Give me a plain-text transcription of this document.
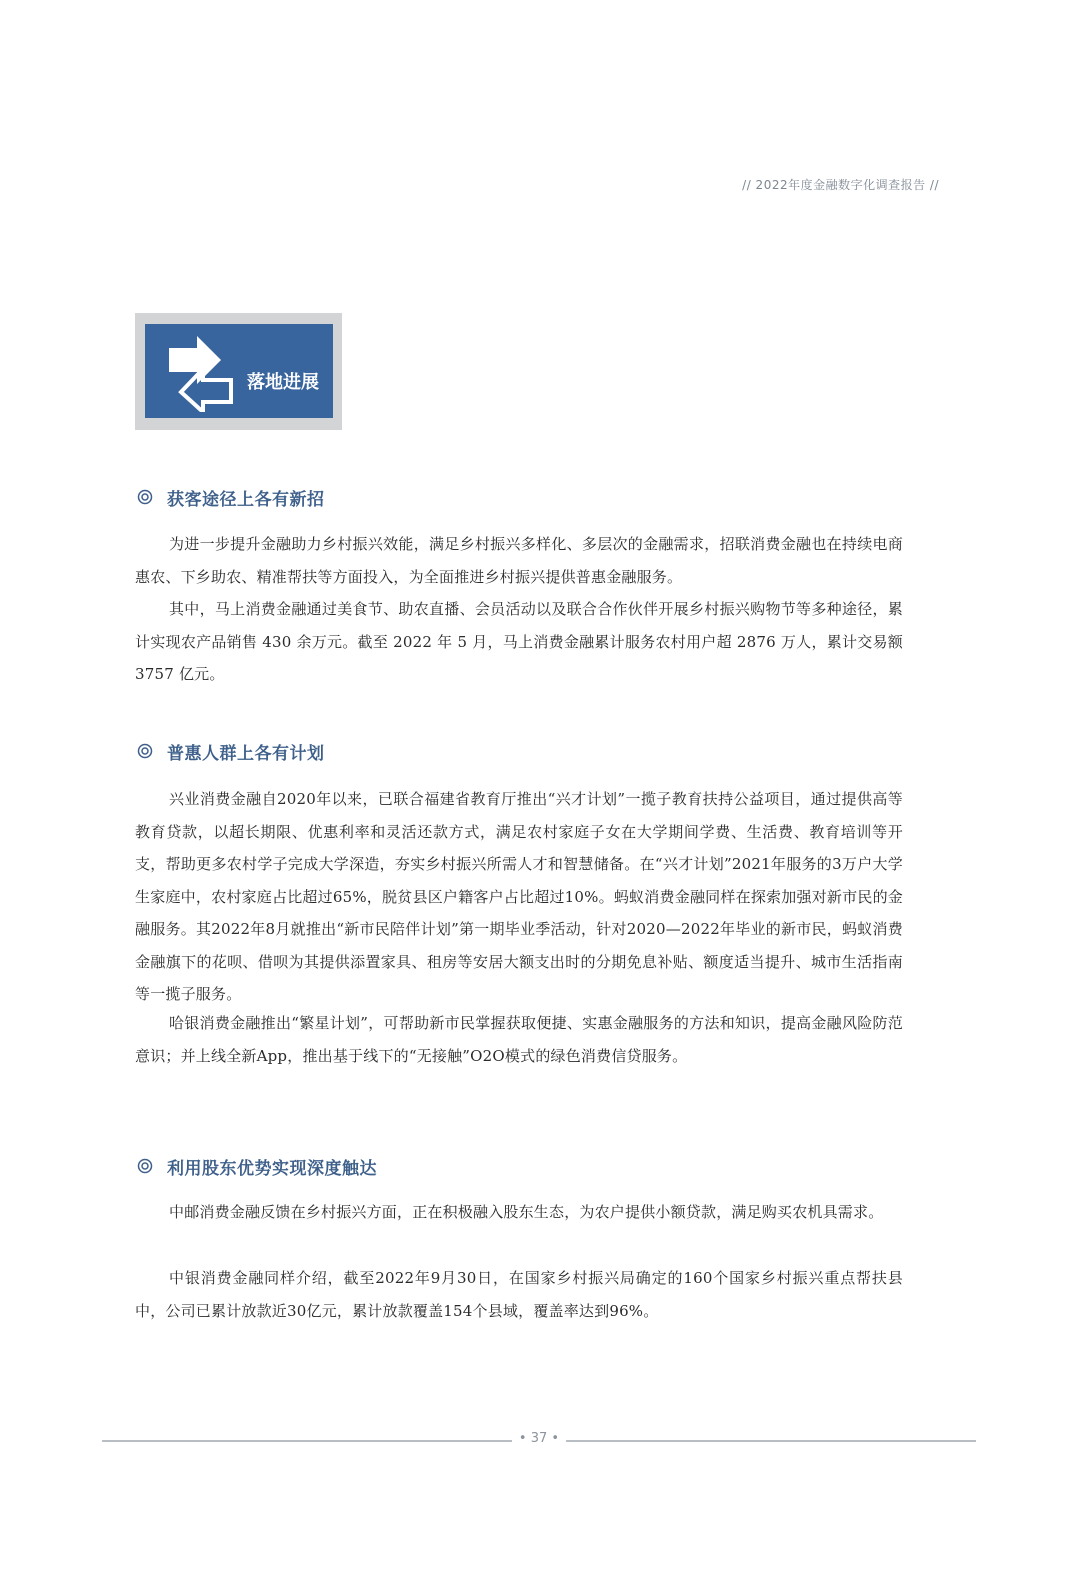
// 2022年度金融数字化调查报告 //
落地进展
获客途径上各有新招

为进一步提升金融助力乡村振兴效能，满足乡村振兴多样化、多层次的金融需求，招联消费金融也在持续电商惠农、下乡助农、精准帮扶等方面投入，为全面推进乡村振兴提供普惠金融服务。

其中，马上消费金融通过美食节、助农直播、会员活动以及联合合作伙伴开展乡村振兴购物节等多种途径，累计实现农产品销售 430 余万元。截至 2022 年 5 月，马上消费金融累计服务农村用户超 2876 万人，累计交易额 3757 亿元。

普惠人群上各有计划

兴业消费金融自2020年以来，已联合福建省教育厅推出“兴才计划”一揽子教育扶持公益项目，通过提供高等教育贷款，以超长期限、优惠利率和灵活还款方式，满足农村家庭子女在大学期间学费、生活费、教育培训等开支，帮助更多农村学子完成大学深造，夯实乡村振兴所需人才和智慧储备。在“兴才计划”2021年服务的3万户大学生家庭中，农村家庭占比超过65%，脱贫县区户籍客户占比超过10%。蚂蚁消费金融同样在探索加强对新市民的金融服务。其2022年8月就推出“新市民陪伴计划”第一期毕业季活动，针对2020—2022年毕业的新市民，蚂蚁消费金融旗下的花呗、借呗为其提供添置家具、租房等安居大额支出时的分期免息补贴、额度适当提升、城市生活指南等一揽子服务。

哈银消费金融推出“繁星计划”，可帮助新市民掌握获取便捷、实惠金融服务的方法和知识，提高金融风险防范意识；并上线全新App，推出基于线下的“无接触”O2O模式的绿色消费信贷服务。

利用股东优势实现深度触达

中邮消费金融反馈在乡村振兴方面，正在积极融入股东生态，为农户提供小额贷款，满足购买农机具需求。

中银消费金融同样介绍，截至2022年9月30日，在国家乡村振兴局确定的160个国家乡村振兴重点帮扶县中，公司已累计放款近30亿元，累计放款覆盖154个县域，覆盖率达到96%。

• 37 •
